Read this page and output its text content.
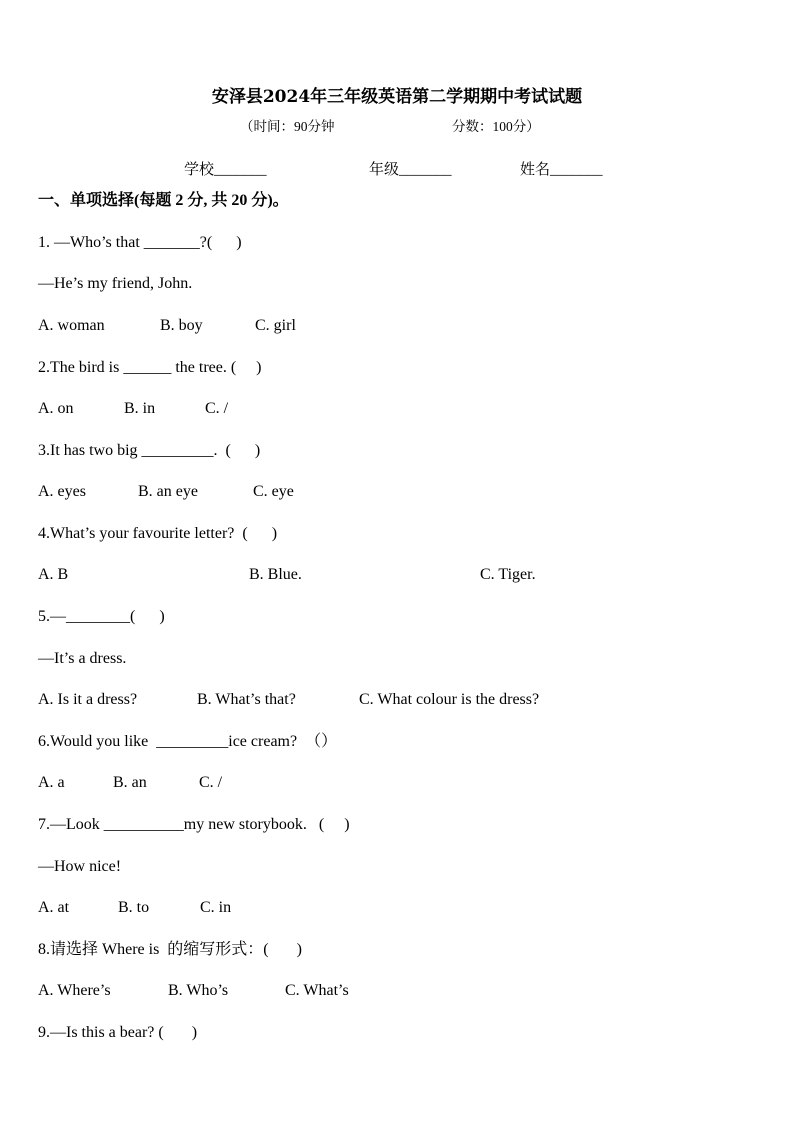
安泽县2024年三年级英语第二学期期中考试试题
（时间：90分钟	分数：100分）
学校_______	年级_______	姓名_______
一、单项选择(每题 2 分, 共 20 分)。
1. —Who’s that _______?(      )
—He’s my friend, John.
A. woman	B. boy	C. girl
2.The bird is ______ the tree. (     )
A. on	B. in	C. /
3.It has two big _________.  (      )
A. eyes	B. an eye	C. eye
4.What’s your favourite letter?  (      )
A. B	B. Blue.	C. Tiger.
5.—________(      )
—It’s a dress.
A. Is it a dress?	B. What’s that?	C. What colour is the dress?
6.Would you like  _________ice cream?  （）
A. a	B. an	C. /
7.—Look __________my new storybook.   (     )
—How nice!
A. at	B. to	C. in
8.请选择 Where is  的缩写形式：(       )
A. Where’s	B. Who’s	C. What’s
9.—Is this a bear? (       )
